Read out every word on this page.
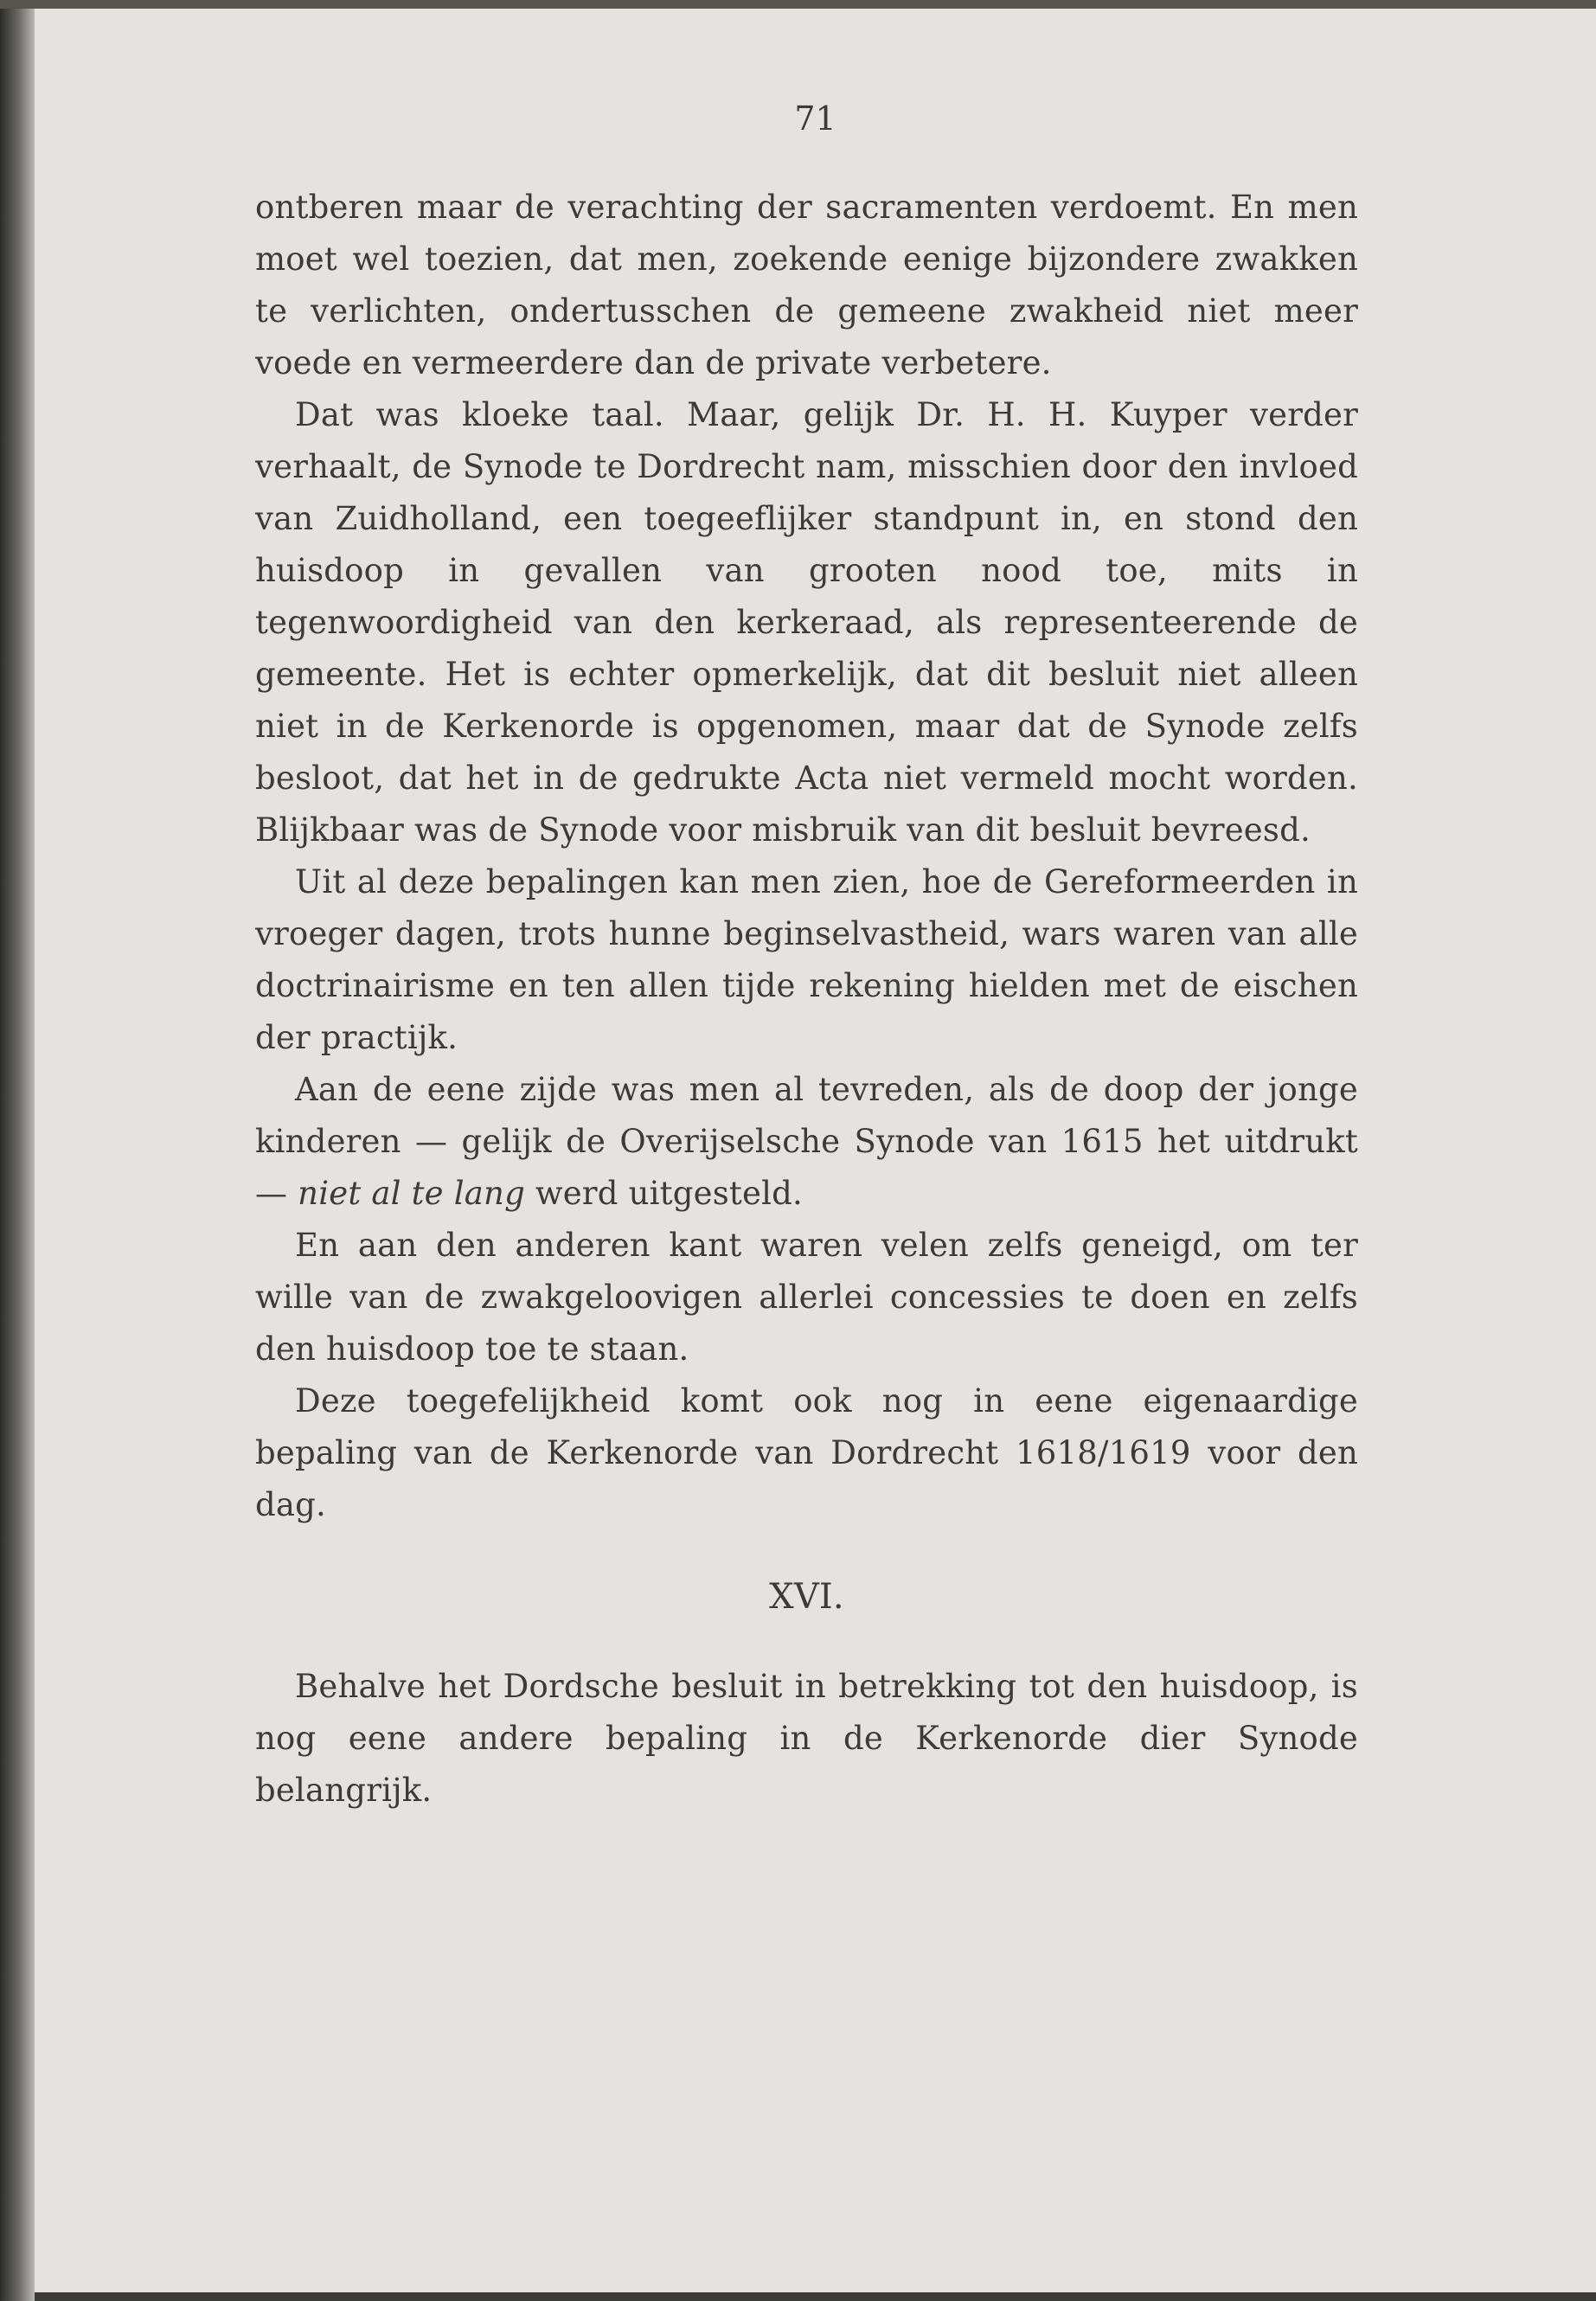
71

ontberen maar de verachting der sacramenten verdoemt. En men moet wel toezien, dat men, zoekende eenige bijzondere zwakken te verlichten, ondertusschen de gemeene zwakheid niet meer voede en vermeerdere dan de private verbetere.

Dat was kloeke taal. Maar, gelijk Dr. H. H. Kuyper verder verhaalt, de Synode te Dordrecht nam, misschien door den invloed van Zuidholland, een toegeeflijker standpunt in, en stond den huisdoop in gevallen van grooten nood toe, mits in tegenwoordigheid van den kerkeraad, als representeerende de gemeente. Het is echter opmerkelijk, dat dit besluit niet alleen niet in de Kerkenorde is opgenomen, maar dat de Synode zelfs besloot, dat het in de gedrukte Acta niet vermeld mocht worden. Blijkbaar was de Synode voor misbruik van dit besluit bevreesd.

Uit al deze bepalingen kan men zien, hoe de Gereformeerden in vroeger dagen, trots hunne beginselvastheid, wars waren van alle doctrinairisme en ten allen tijde rekening hielden met de eischen der practijk.

Aan de eene zijde was men al tevreden, als de doop der jonge kinderen — gelijk de Overijselsche Synode van 1615 het uitdrukt — niet al te lang werd uitgesteld.

En aan den anderen kant waren velen zelfs geneigd, om ter wille van de zwakgeloovigen allerlei concessies te doen en zelfs den huisdoop toe te staan.

Deze toegefelijkheid komt ook nog in eene eigenaardige bepaling van de Kerkenorde van Dordrecht 1618/1619 voor den dag.

XVI.

Behalve het Dordsche besluit in betrekking tot den huisdoop, is nog eene andere bepaling in de Kerkenorde dier Synode belangrijk.
